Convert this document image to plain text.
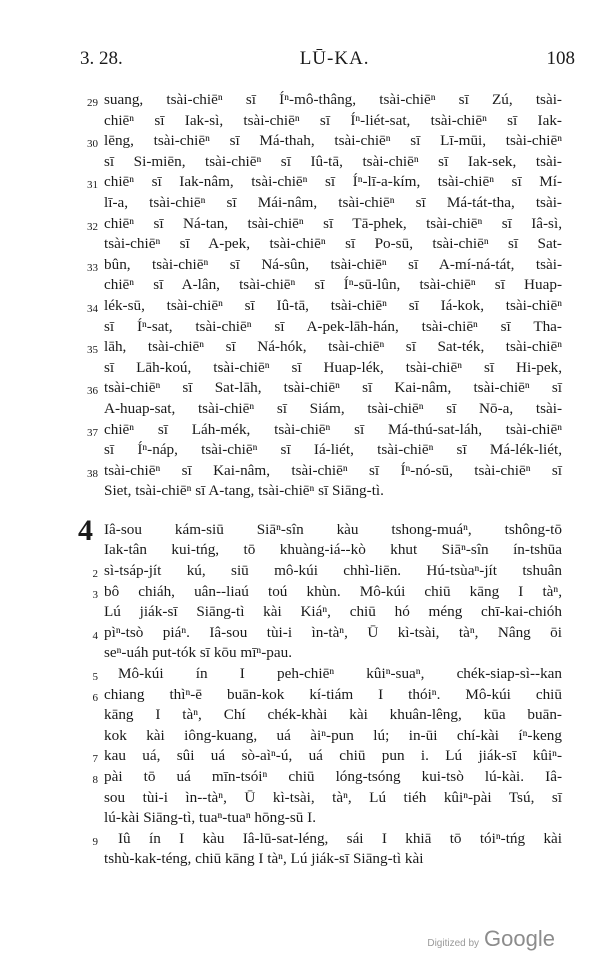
3. 28.	LŪ-KA.	108
29 suang, tsài-chiēⁿ sī Íⁿ-mô-thâng, tsài-chiēⁿ sī Zú, tsài-
chiēⁿ sī Iak-sì, tsài-chiēⁿ sī Íⁿ-liét-sat, tsài-chiēⁿ sī Iak-
30 lēng, tsài-chiēⁿ sī Má-thah, tsài-chiēⁿ sī Lī-mūi, tsài-chiēⁿ
sī Si-miēn, tsài-chiēⁿ sī Iû-tā, tsài-chiēⁿ sī Iak-sek, tsài-
31 chiēⁿ sī Iak-nâm, tsài-chiēⁿ sī Íⁿ-lī-a-kím, tsài-chiēⁿ sī Mí-
lī-a, tsài-chiēⁿ sī Mái-nâm, tsài-chiēⁿ sī Má-tát-tha, tsài-
32 chiēⁿ sī Ná-tan, tsài-chiēⁿ sī Tā-phek, tsài-chiēⁿ sī Iâ-sì,
tsài-chiēⁿ sī A-pek, tsài-chiēⁿ sī Po-sū, tsài-chiēⁿ sī Sat-
33 bûn, tsài-chiēⁿ sī Ná-sûn, tsài-chiēⁿ sī A-mí-ná-tát, tsài-
chiēⁿ sī A-lân, tsài-chiēⁿ sī Íⁿ-sū-lûn, tsài-chiēⁿ sī Huap-
34 lék-sū, tsài-chiēⁿ sī Iû-tā, tsài-chiēⁿ sī Iá-kok, tsài-chiēⁿ
sī Íⁿ-sat, tsài-chiēⁿ sī A-pek-lāh-hán, tsài-chiēⁿ sī Tha-
35 lāh, tsài-chiēⁿ sī Ná-hók, tsài-chiēⁿ sī Sat-ték, tsài-chiēⁿ
sī Lāh-koú, tsài-chiēⁿ sī Huap-lék, tsài-chiēⁿ sī Hi-pek,
36 tsài-chiēⁿ sī Sat-lāh, tsài-chiēⁿ sī Kai-nâm, tsài-chiēⁿ sī
A-huap-sat, tsài-chiēⁿ sī Siám, tsài-chiēⁿ sī Nō-a, tsài-
37 chiēⁿ sī Láh-mék, tsài-chiēⁿ sī Má-thú-sat-láh, tsài-chiēⁿ
sī Íⁿ-náp, tsài-chiēⁿ sī Iá-liét, tsài-chiēⁿ sī Má-lék-liét,
38 tsài-chiēⁿ sī Kai-nâm, tsài-chiēⁿ sī Íⁿ-nó-sū, tsài-chiēⁿ sī
Siet, tsài-chiēⁿ sī A-tang, tsài-chiēⁿ sī Siāng-tì.
4 Iâ-sou kám-siū Siāⁿ-sîn kàu tshong-muáⁿ, tshông-tō
Iak-tân kui-tńg, tō khuàng-iá--kò khut Siāⁿ-sîn ín-tshūa
2 sì-tsáp-jít kú, siū mô-kúi chhì-liēn. Hú-tsùaⁿ-jít tshuân
3 bô chiáh, uân--liaú toú khùn. Mô-kúi chiū kāng I tàⁿ,
Lú jiák-sī Siāng-tì kài Kiáⁿ, chiū hó méng chī-kai-chióh
4 pìⁿ-tsò piáⁿ. Iâ-sou tùi-i ìn-tàⁿ, Ū kì-tsài, tàⁿ, Nâng ōi
seⁿ-uáh put-tók sī kōu mīⁿ-pau.
5	Mô-kúi ín I peh-chiēⁿ kûiⁿ-suaⁿ, chék-siap-sì--kan
6 chiang thìⁿ-ē buān-kok kí-tiám I thóiⁿ. Mô-kúi chiū
kāng I tàⁿ, Chí chék-khài kài khuân-lêng, kūa buān-
kok kài iông-kuang, uá àiⁿ-pun lú; in-ūi chí-kài íⁿ-keng
7 kau uá, sûi uá sò-aìⁿ-ú, uá chiū pun i. Lú jiák-sī kûiⁿ-
8 pài tō uá mīn-tsóiⁿ chiū lóng-tsóng kui-tsò lú-kài. Iâ-
sou tùi-i ìn--tàⁿ, Ū kì-tsài, tàⁿ, Lú tiéh kûiⁿ-pài Tsú, sī
lú-kài Siāng-tì, tuaⁿ-tuaⁿ hōng-sū I.
9	Iû ín I kàu Iâ-lū-sat-léng, sái I khiā tō tóiⁿ-tńg kài
tshù-kak-téng, chiū kāng I tàⁿ, Lú jiák-sī Siāng-tì kài
Digitized by Google
